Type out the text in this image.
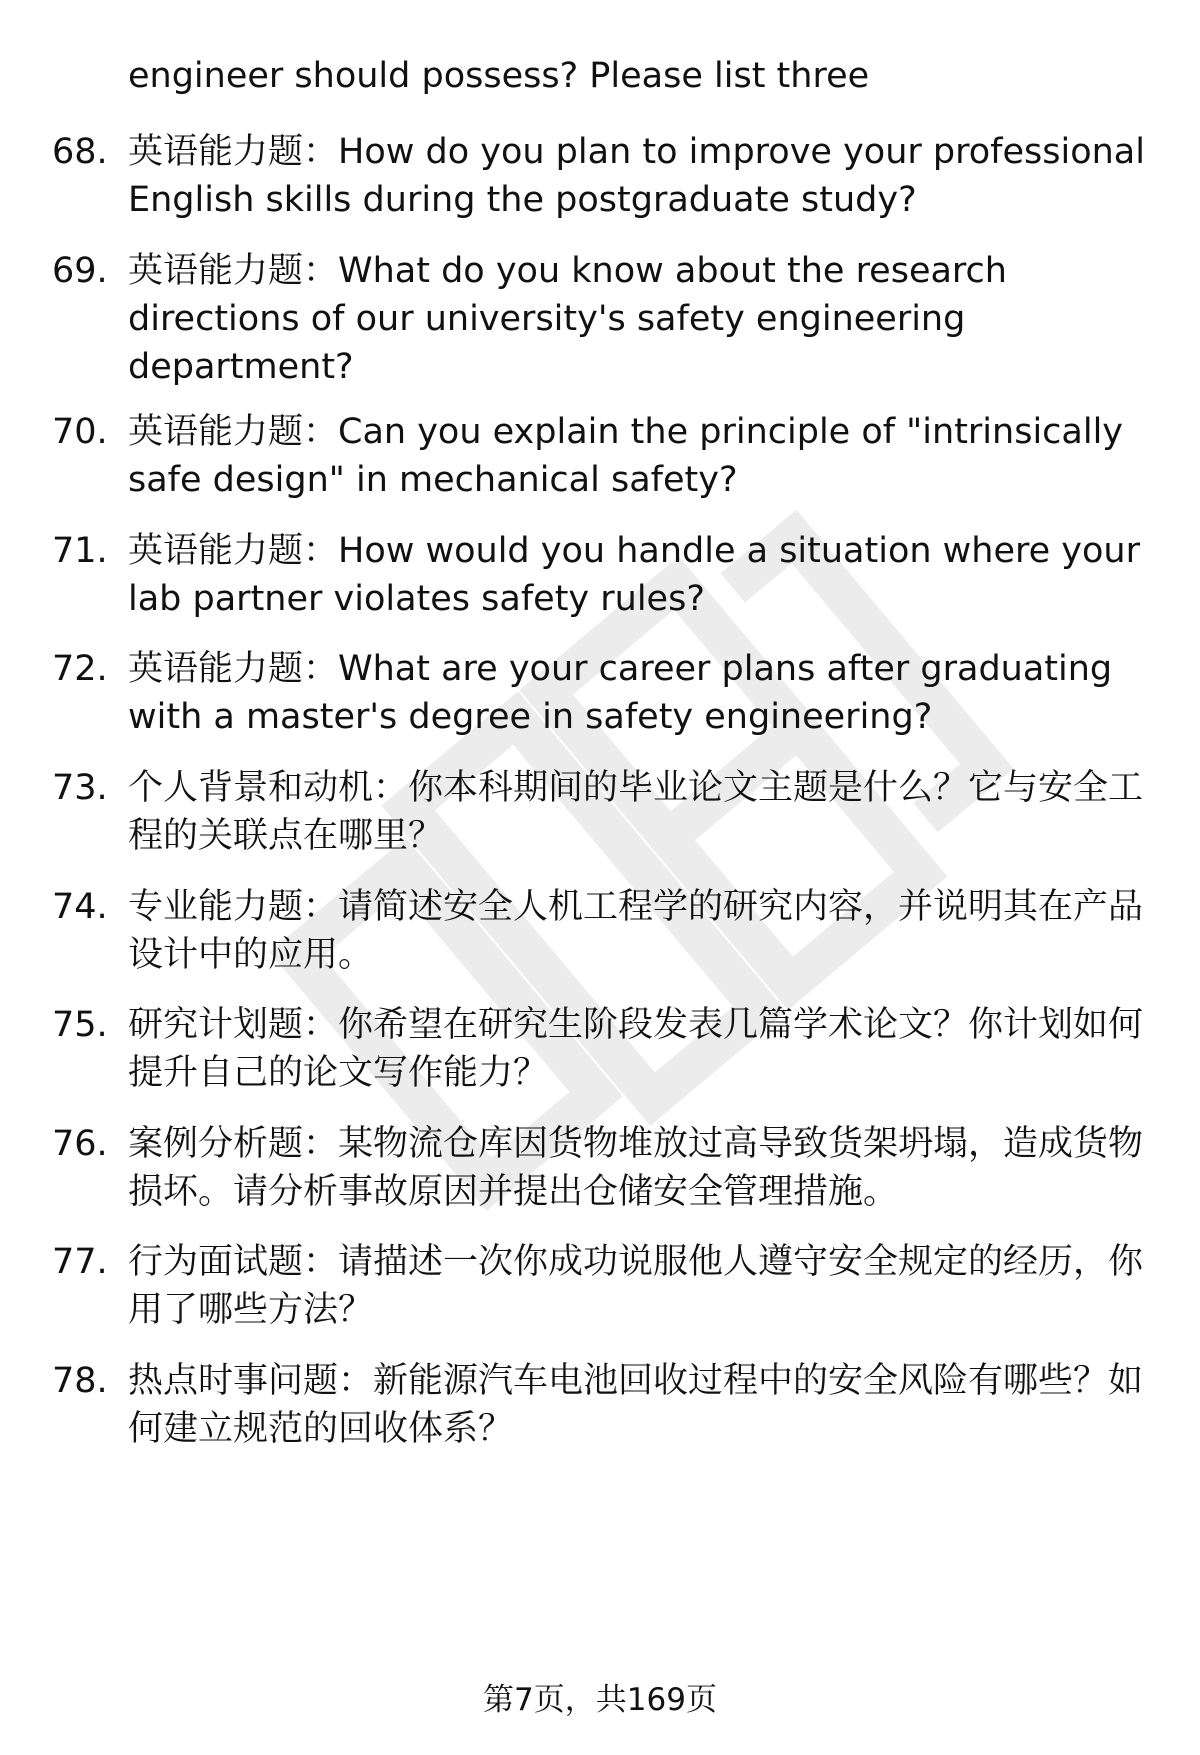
engineer should possess? Please list three
68. 英语能力题：How do you plan to improve your professional English skills during the postgraduate study?
69. 英语能力题：What do you know about the research directions of our university's safety engineering department?
70. 英语能力题：Can you explain the principle of "intrinsically safe design" in mechanical safety?
71. 英语能力题：How would you handle a situation where your lab partner violates safety rules?
72. 英语能力题：What are your career plans after graduating with a master's degree in safety engineering?
73. 个人背景和动机：你本科期间的毕业论文主题是什么？它与安全工程的关联点在哪里？
74. 专业能力题：请简述安全人机工程学的研究内容，并说明其在产品设计中的应用。
75. 研究计划题：你希望在研究生阶段发表几篇学术论文？你计划如何提升自己的论文写作能力？
76. 案例分析题：某物流仓库因货物堆放过高导致货架坍塌，造成货物损坏。请分析事故原因并提出仓储安全管理措施。
77. 行为面试题：请描述一次你成功说服他人遵守安全规定的经历，你用了哪些方法？
78. 热点时事问题：新能源汽车电池回收过程中的安全风险有哪些？如何建立规范的回收体系？
第7页，共169页
